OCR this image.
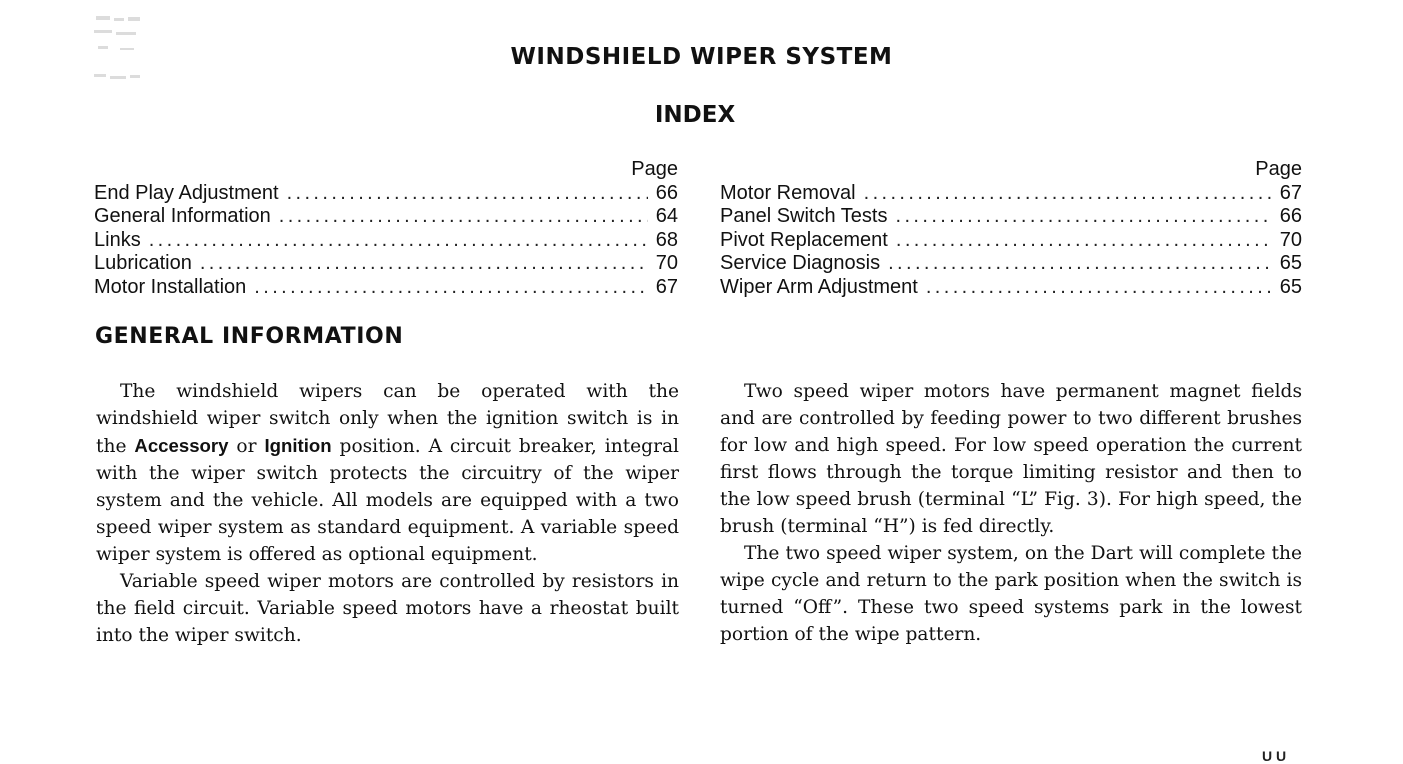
WINDSHIELD WIPER SYSTEM
INDEX
Page
End Play Adjustment .....	66
General Information .....	64
Links .....	68
Lubrication .....	70
Motor Installation .....	67
Page
Motor Removal .....	67
Panel Switch Tests .....	66
Pivot Replacement .....	70
Service Diagnosis .....	65
Wiper Arm Adjustment .....	65
GENERAL INFORMATION

The windshield wipers can be operated with the windshield wiper switch only when the ignition switch is in the Accessory or Ignition position. A circuit breaker, integral with the wiper switch protects the circuitry of the wiper system and the vehicle. All models are equipped with a two speed wiper system as standard equipment. A variable speed wiper system is offered as optional equipment.

Variable speed wiper motors are controlled by resistors in the field circuit. Variable speed motors have a rheostat built into the wiper switch.

Two speed wiper motors have permanent magnet fields and are controlled by feeding power to two different brushes for low and high speed. For low speed operation the current first flows through the torque limiting resistor and then to the low speed brush (terminal “L” Fig. 3). For high speed, the brush (terminal “H”) is fed directly.

The two speed wiper system, on the Dart will complete the wipe cycle and return to the park position when the switch is turned “Off”. These two speed systems park in the lowest portion of the wipe pattern.

U U
